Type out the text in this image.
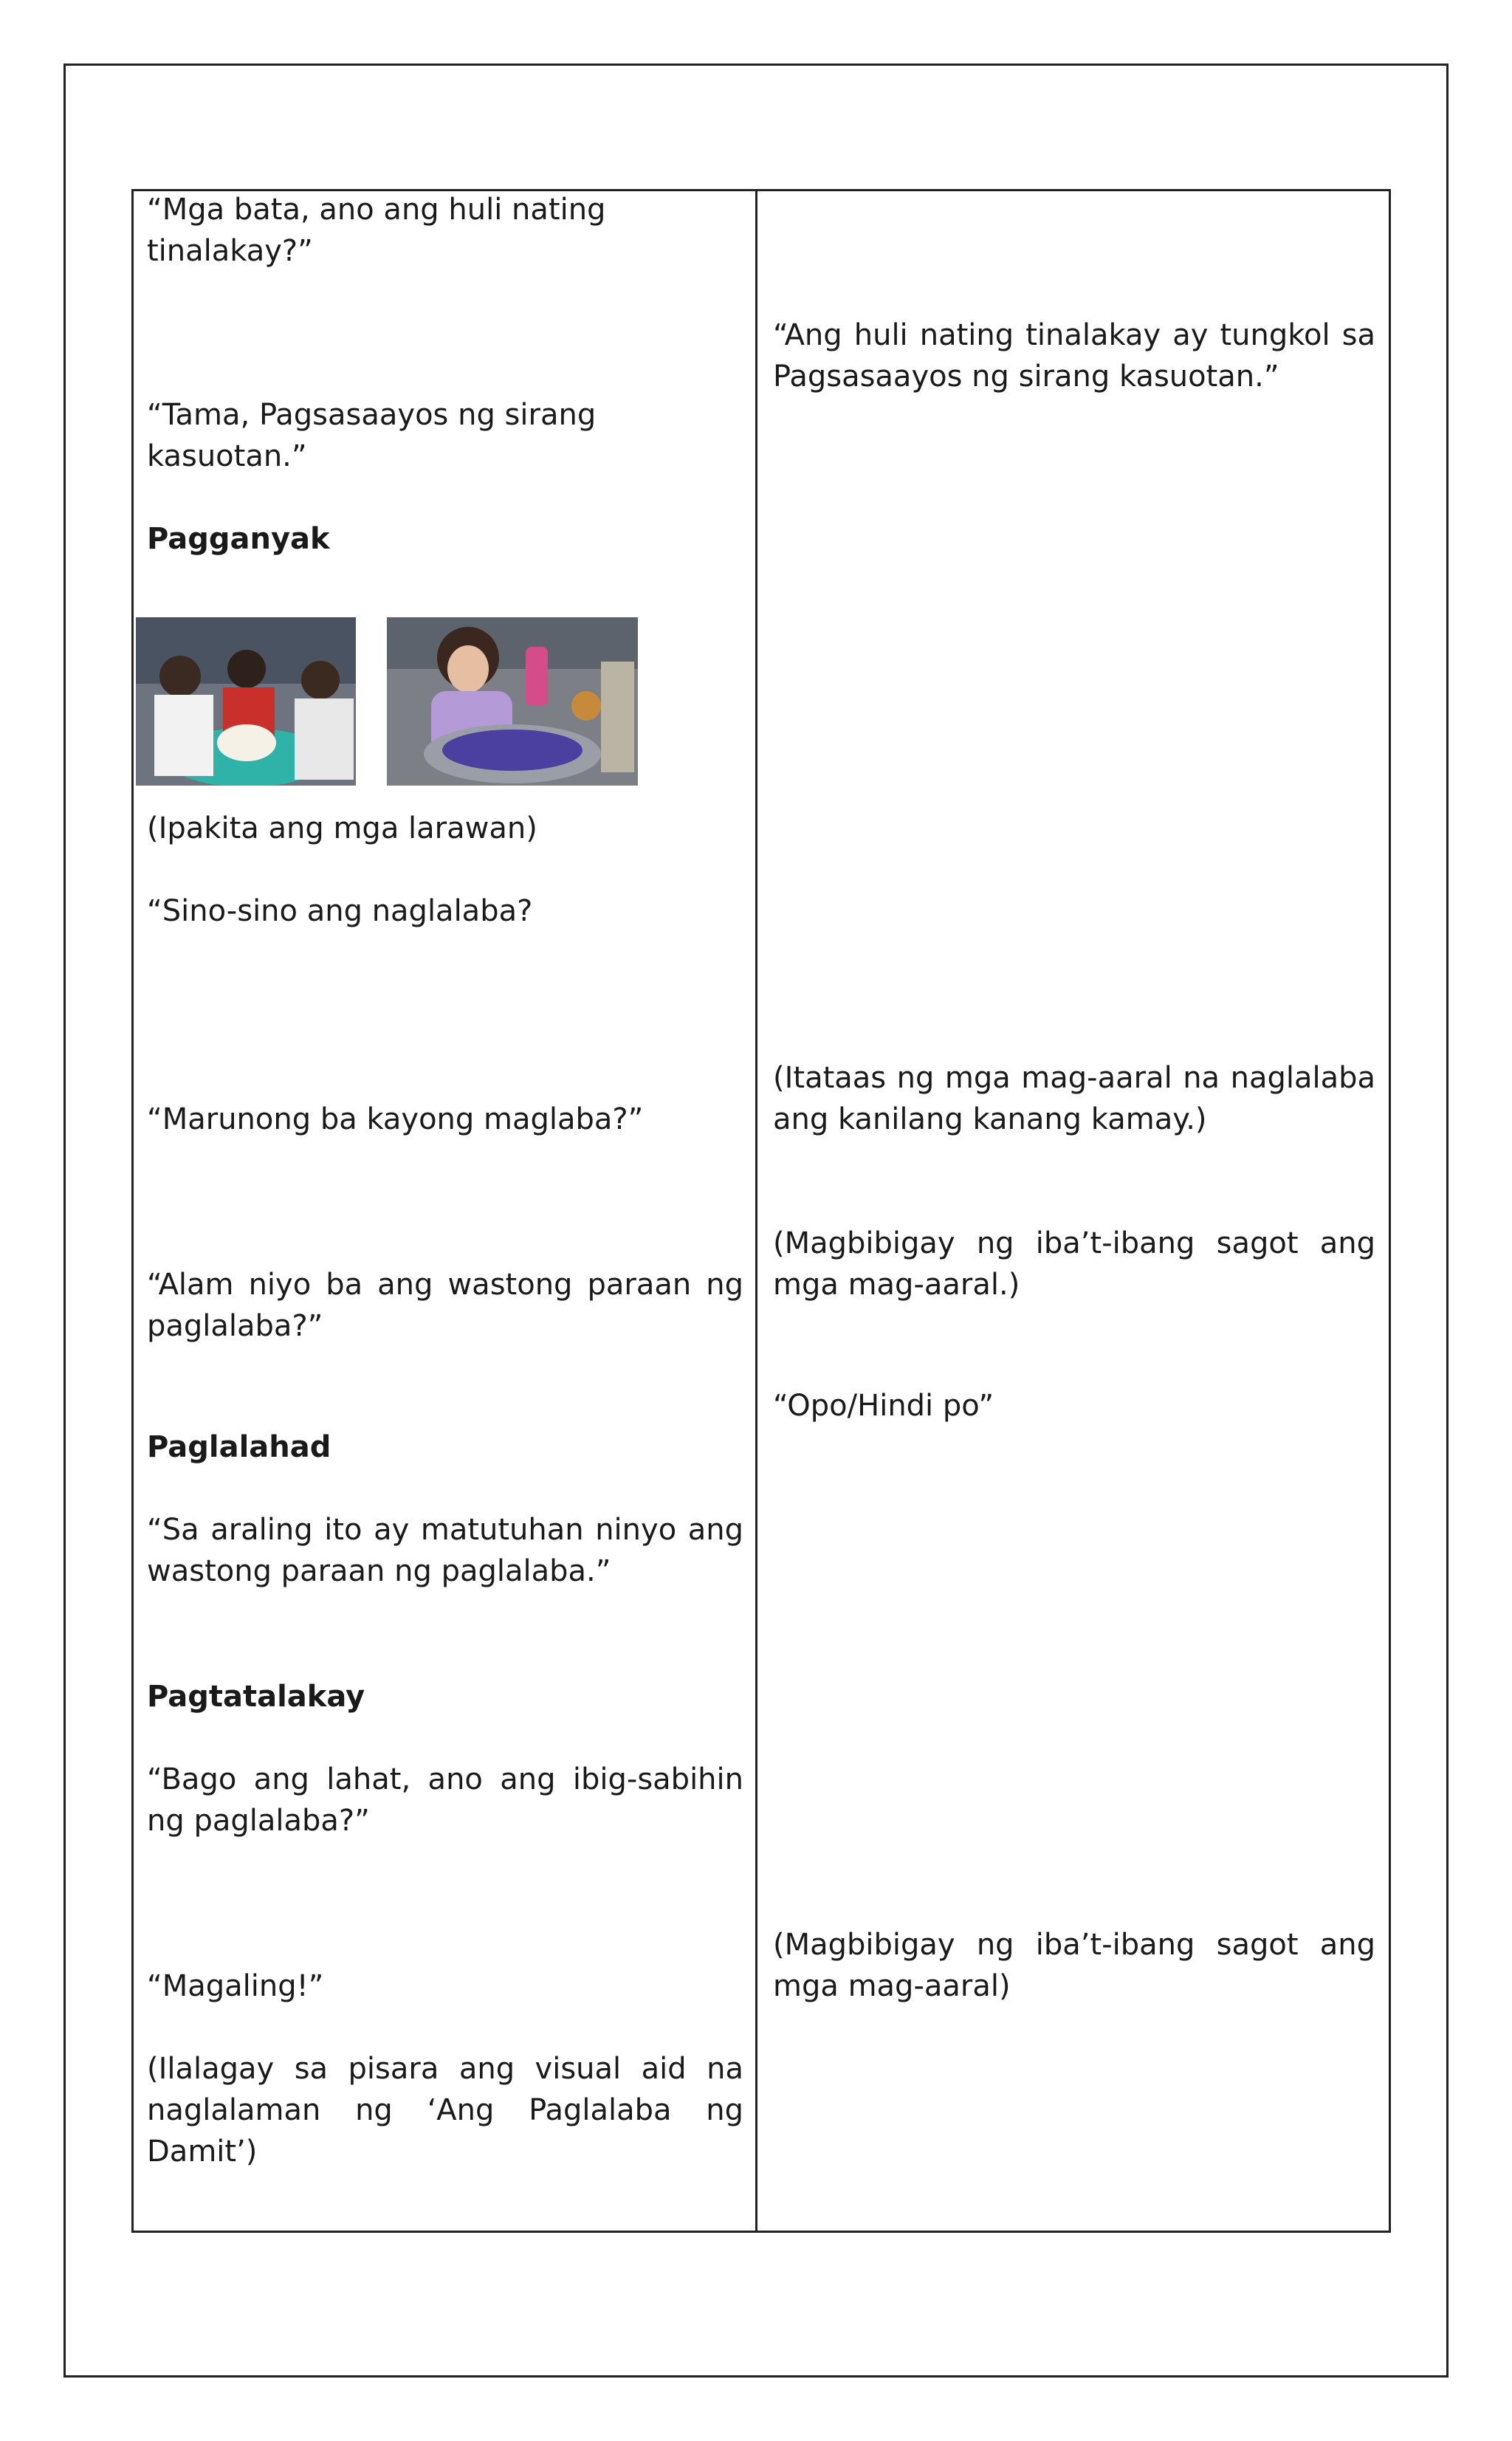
“Mga bata, ano ang huli nating tinalakay?”

“Tama, Pagsasaayos ng sirang kasuotan.”

Pagganyak

(Ipakita ang mga larawan)

“Sino-sino ang naglalaba?

“Marunong ba kayong maglaba?”

“Alam niyo ba ang wastong paraan ng paglalaba?”

Paglalahad

“Sa araling ito ay matutuhan ninyo ang wastong paraan ng paglalaba.”

Pagtatalakay

“Bago ang lahat, ano ang ibig-sabihin ng paglalaba?”

“Magaling!”

(Ilalagay sa pisara ang visual aid na naglalaman ng ‘Ang Paglalaba ng Damit’)

“Ang huli nating tinalakay ay tungkol sa Pagsasaayos ng sirang kasuotan.”

(Itataas ng mga mag-aaral na naglalaba ang kanilang kanang kamay.)

(Magbibigay ng iba’t-ibang sagot ang mga mag-aaral.)

“Opo/Hindi po”

(Magbibigay ng iba’t-ibang sagot ang mga mag-aaral)
